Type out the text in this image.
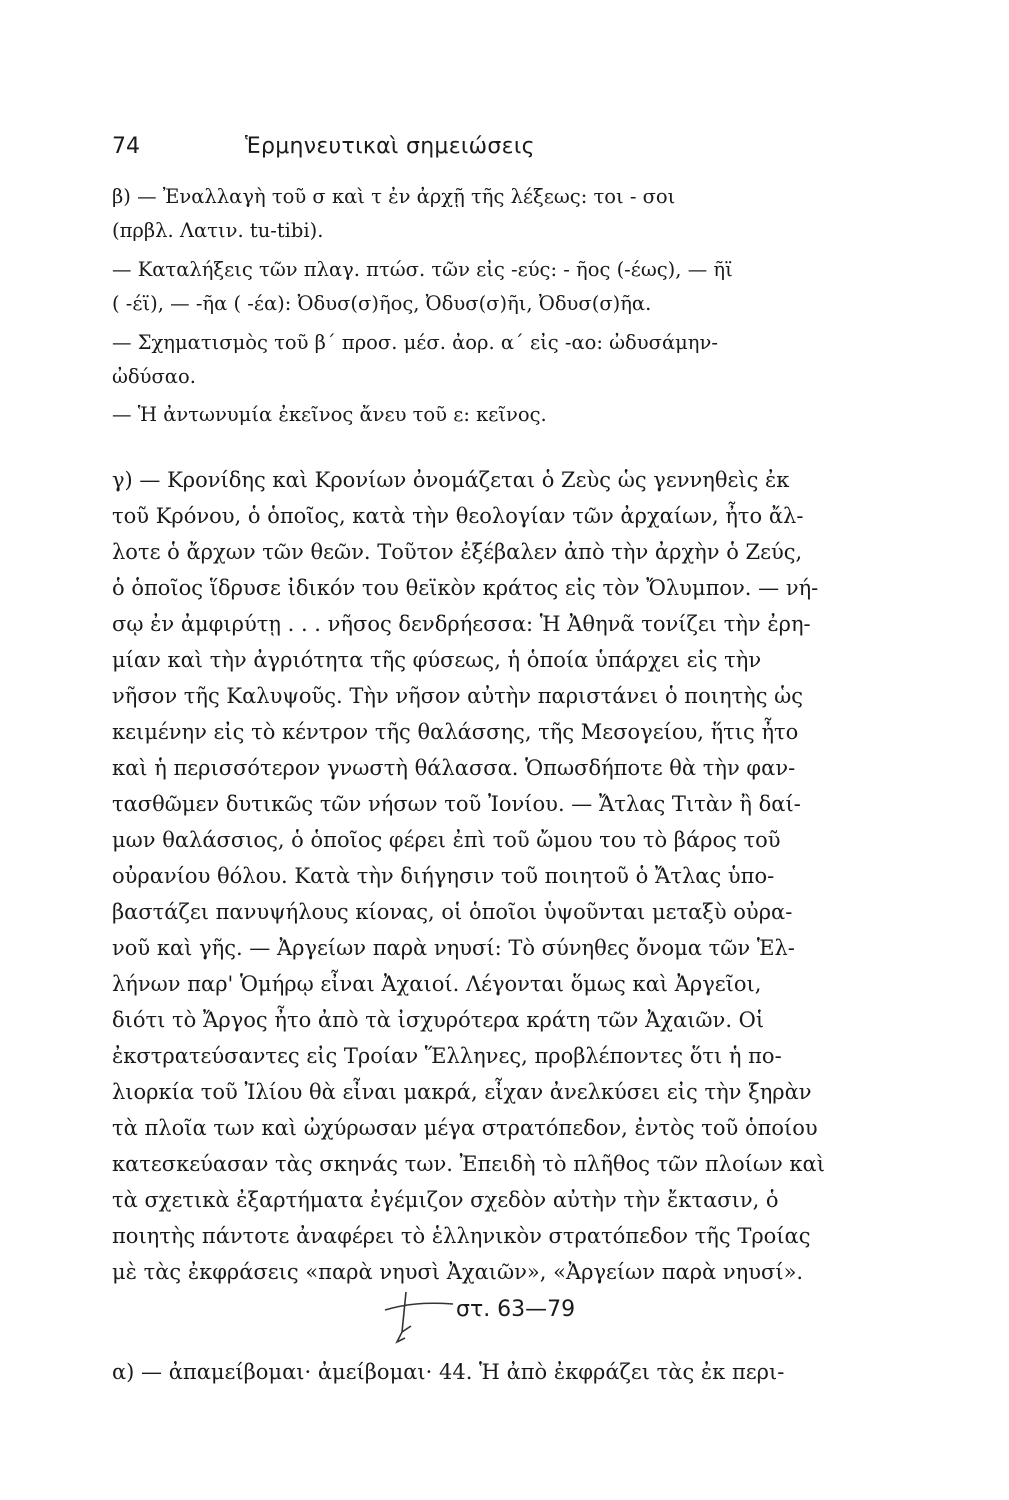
74	Ἑρμηνευτικαὶ σημειώσεις
β) — Ἐναλλαγὴ τοῦ σ καὶ τ ἐν ἀρχῇ τῆς λέξεως: τοι - σοι
(πρβλ. Λατιν. tu-tibi).
— Καταλήξεις τῶν πλαγ. πτώσ. τῶν εἰς -εύς: - ῆος (-έως), — ῆϊ
( -έϊ), — -ῆα ( -έα): Ὀδυσ(σ)ῆος, Ὀδυσ(σ)ῆι, Ὀδυσ(σ)ῆα.
— Σχηματισμὸς τοῦ β΄ προσ. μέσ. ἀορ. α΄ εἰς -αο: ὠδυσάμην-
ὠδύσαο.
— Ἡ ἀντωνυμία ἐκεῖνος ἄνευ τοῦ ε: κεῖνος.
γ) — Κρονίδης καὶ Κρονίων ὀνομάζεται ὁ Ζεὺς ὡς γεννηθεὶς ἐκ
τοῦ Κρόνου, ὁ ὁποῖος, κατὰ τὴν θεολογίαν τῶν ἀρχαίων, ἦτο ἄλ-
λοτε ὁ ἄρχων τῶν θεῶν. Τοῦτον ἐξέβαλεν ἀπὸ τὴν ἀρχὴν ὁ Ζεύς,
ὁ ὁποῖος ἵδρυσε ἰδικόν του θεϊκὸν κράτος εἰς τὸν Ὄλυμπον. — νή-
σῳ ἐν ἀμφιρύτῃ . . . νῆσος δενδρήεσσα: Ἡ Ἀθηνᾶ τονίζει τὴν ἐρη-
μίαν καὶ τὴν ἀγριότητα τῆς φύσεως, ἡ ὁποία ὑπάρχει εἰς τὴν
νῆσον τῆς Καλυψοῦς. Τὴν νῆσον αὐτὴν παριστάνει ὁ ποιητὴς ὡς
κειμένην εἰς τὸ κέντρον τῆς θαλάσσης, τῆς Μεσογείου, ἥτις ἦτο
καὶ ἡ περισσότερον γνωστὴ θάλασσα. Ὁπωσδήποτε θὰ τὴν φαν-
τασθῶμεν δυτικῶς τῶν νήσων τοῦ Ἰονίου. — Ἄτλας Τιτὰν ἢ δαί-
μων θαλάσσιος, ὁ ὁποῖος φέρει ἐπὶ τοῦ ὤμου του τὸ βάρος τοῦ
οὐρανίου θόλου. Κατὰ τὴν διήγησιν τοῦ ποιητοῦ ὁ Ἄτλας ὑπο-
βαστάζει πανυψήλους κίονας, οἱ ὁποῖοι ὑψοῦνται μεταξὺ οὐρα-
νοῦ καὶ γῆς. — Ἀργείων παρὰ νηυσί: Τὸ σύνηθες ὄνομα τῶν Ἑλ-
λήνων παρ' Ὁμήρῳ εἶναι Ἀχαιοί. Λέγονται ὅμως καὶ Ἀργεῖοι,
διότι τὸ Ἄργος ἦτο ἀπὸ τὰ ἰσχυρότερα κράτη τῶν Ἀχαιῶν. Οἱ
ἐκστρατεύσαντες εἰς Τροίαν Ἕλληνες, προβλέποντες ὅτι ἡ πο-
λιορκία τοῦ Ἰλίου θὰ εἶναι μακρά, εἶχαν ἀνελκύσει εἰς τὴν ξηρὰν
τὰ πλοῖα των καὶ ὠχύρωσαν μέγα στρατόπεδον, ἐντὸς τοῦ ὁποίου
κατεσκεύασαν τὰς σκηνάς των. Ἐπειδὴ τὸ πλῆθος τῶν πλοίων καὶ
τὰ σχετικὰ ἐξαρτήματα ἐγέμιζον σχεδὸν αὐτὴν τὴν ἔκτασιν, ὁ
ποιητὴς πάντοτε ἀναφέρει τὸ ἑλληνικὸν στρατόπεδον τῆς Τροίας
μὲ τὰς ἐκφράσεις «παρὰ νηυσὶ Ἀχαιῶν», «Ἀργείων παρὰ νηυσί».
στ. 63—79
α) — ἀπαμείβομαι· ἀμείβομαι· 44. Ἡ ἀπὸ ἐκφράζει τὰς ἐκ περι-
